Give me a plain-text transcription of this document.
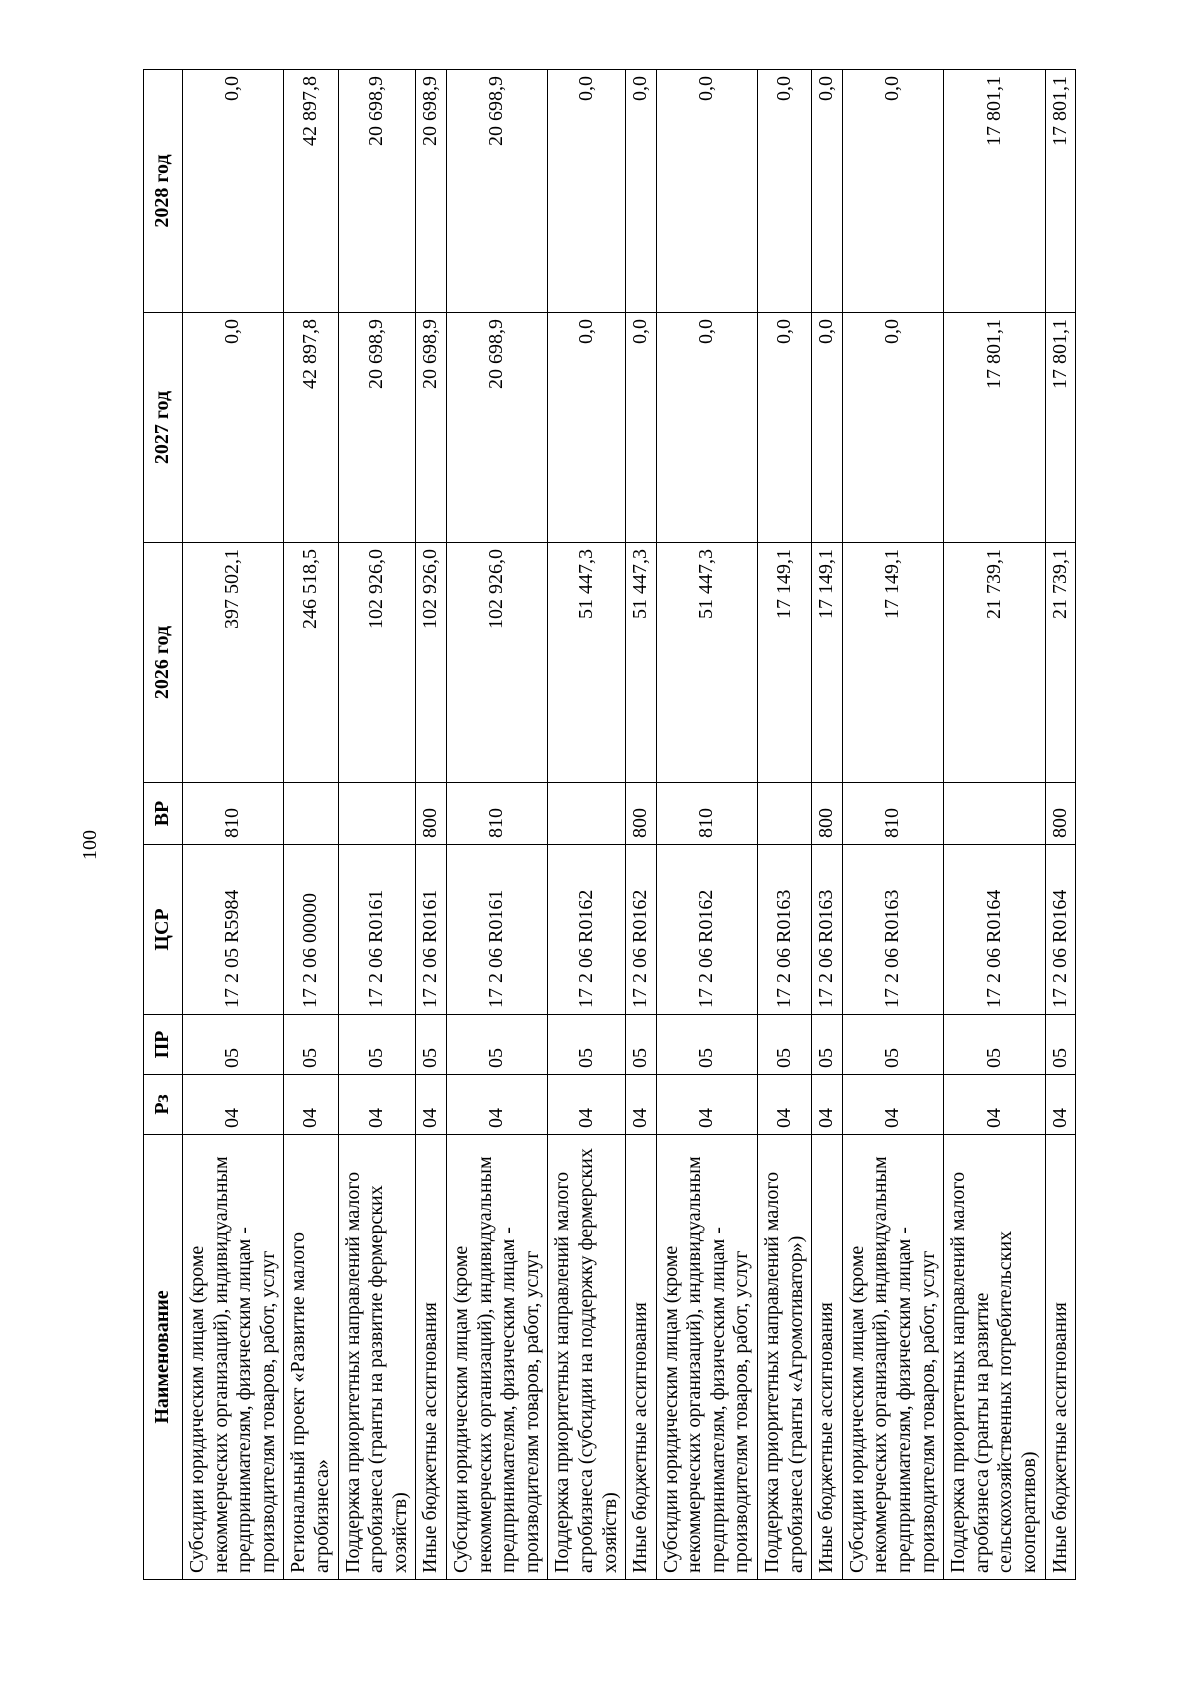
100
Наименование	Рз	ПР	ЦСР	ВР	2026 год	2027 год	2028 год
Субсидии юридическим лицам (кроме некоммерческих организаций), индивидуальным предпринимателям, физическим лицам - производителям товаров, работ, услуг	04	05	17 2 05 R5984	810	397 502,1	0,0	0,0
Региональный проект «Развитие малого агробизнеса»	04	05	17 2 06 00000		246 518,5	42 897,8	42 897,8
Поддержка приоритетных направлений малого агробизнеса (гранты на развитие фермерских хозяйств)	04	05	17 2 06 R0161		102 926,0	20 698,9	20 698,9
Иные бюджетные ассигнования	04	05	17 2 06 R0161	800	102 926,0	20 698,9	20 698,9
Субсидии юридическим лицам (кроме некоммерческих организаций), индивидуальным предпринимателям, физическим лицам - производителям товаров, работ, услуг	04	05	17 2 06 R0161	810	102 926,0	20 698,9	20 698,9
Поддержка приоритетных направлений малого агробизнеса (субсидии на поддержку фермерских хозяйств)	04	05	17 2 06 R0162		51 447,3	0,0	0,0
Иные бюджетные ассигнования	04	05	17 2 06 R0162	800	51 447,3	0,0	0,0
Субсидии юридическим лицам (кроме некоммерческих организаций), индивидуальным предпринимателям, физическим лицам - производителям товаров, работ, услуг	04	05	17 2 06 R0162	810	51 447,3	0,0	0,0
Поддержка приоритетных направлений малого агробизнеса (гранты «Агромотиватор»)	04	05	17 2 06 R0163		17 149,1	0,0	0,0
Иные бюджетные ассигнования	04	05	17 2 06 R0163	800	17 149,1	0,0	0,0
Субсидии юридическим лицам (кроме некоммерческих организаций), индивидуальным предпринимателям, физическим лицам - производителям товаров, работ, услуг	04	05	17 2 06 R0163	810	17 149,1	0,0	0,0
Поддержка приоритетных направлений малого агробизнеса (гранты на развитие сельскохозяйственных потребительских кооперативов)	04	05	17 2 06 R0164		21 739,1	17 801,1	17 801,1
Иные бюджетные ассигнования	04	05	17 2 06 R0164	800	21 739,1	17 801,1	17 801,1
